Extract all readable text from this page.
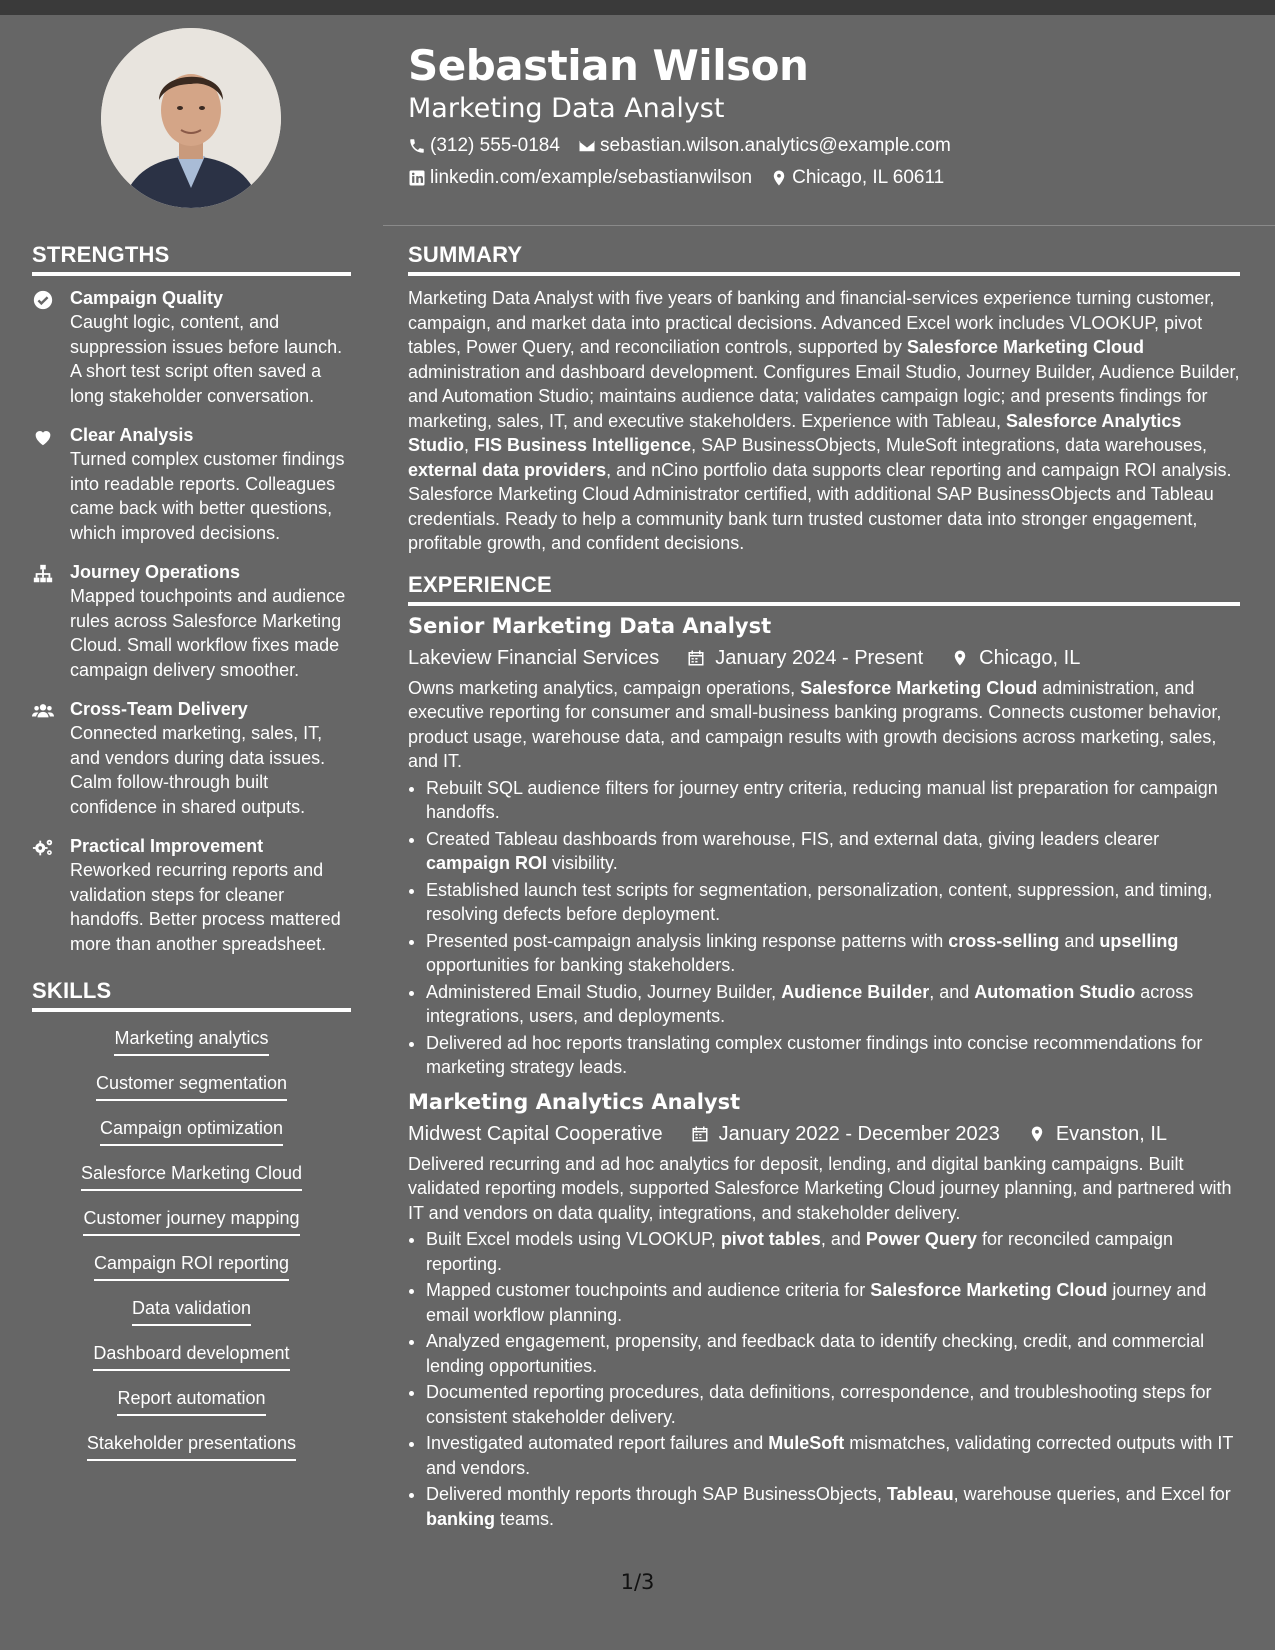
Sebastian Wilson
Marketing Data Analyst
(312) 555-0184 sebastian.wilson.analytics@example.com
linkedin.com/example/sebastianwilson Chicago, IL 60611
STRENGTHS
Campaign Quality
Caught logic, content, and suppression issues before launch. A short test script often saved a long stakeholder conversation.
Clear Analysis
Turned complex customer findings into readable reports. Colleagues came back with better questions, which improved decisions.
Journey Operations
Mapped touchpoints and audience rules across Salesforce Marketing Cloud. Small workflow fixes made campaign delivery smoother.
Cross-Team Delivery
Connected marketing, sales, IT, and vendors during data issues. Calm follow-through built confidence in shared outputs.
Practical Improvement
Reworked recurring reports and validation steps for cleaner handoffs. Better process mattered more than another spreadsheet.
SKILLS
Marketing analytics
Customer segmentation
Campaign optimization
Salesforce Marketing Cloud
Customer journey mapping
Campaign ROI reporting
Data validation
Dashboard development
Report automation
Stakeholder presentations
SUMMARY

Marketing Data Analyst with five years of banking and financial-services experience turning customer, campaign, and market data into practical decisions. Advanced Excel work includes VLOOKUP, pivot tables, Power Query, and reconciliation controls, supported by Salesforce Marketing Cloud administration and dashboard development. Configures Email Studio, Journey Builder, Audience Builder, and Automation Studio; maintains audience data; validates campaign logic; and presents findings for marketing, sales, IT, and executive stakeholders. Experience with Tableau, Salesforce Analytics Studio, FIS Business Intelligence, SAP BusinessObjects, MuleSoft integrations, data warehouses, external data providers, and nCino portfolio data supports clear reporting and campaign ROI analysis. Salesforce Marketing Cloud Administrator certified, with additional SAP BusinessObjects and Tableau credentials. Ready to help a community bank turn trusted customer data into stronger engagement, profitable growth, and confident decisions.

EXPERIENCE
Senior Marketing Data Analyst
Lakeview Financial Services	January 2024 - Present	Chicago, IL

Owns marketing analytics, campaign operations, Salesforce Marketing Cloud administration, and executive reporting for consumer and small-business banking programs. Connects customer behavior, product usage, warehouse data, and campaign results with growth decisions across marketing, sales, and IT.

• Rebuilt SQL audience filters for journey entry criteria, reducing manual list preparation for campaign handoffs.
• Created Tableau dashboards from warehouse, FIS, and external data, giving leaders clearer campaign ROI visibility.
• Established launch test scripts for segmentation, personalization, content, suppression, and timing, resolving defects before deployment.
• Presented post-campaign analysis linking response patterns with cross-selling and upselling opportunities for banking stakeholders.
• Administered Email Studio, Journey Builder, Audience Builder, and Automation Studio across integrations, users, and deployments.
• Delivered ad hoc reports translating complex customer findings into concise recommendations for marketing strategy leads.
Marketing Analytics Analyst
Midwest Capital Cooperative	January 2022 - December 2023	Evanston, IL

Delivered recurring and ad hoc analytics for deposit, lending, and digital banking campaigns. Built validated reporting models, supported Salesforce Marketing Cloud journey planning, and partnered with IT and vendors on data quality, integrations, and stakeholder delivery.

• Built Excel models using VLOOKUP, pivot tables, and Power Query for reconciled campaign reporting.
• Mapped customer touchpoints and audience criteria for Salesforce Marketing Cloud journey and email workflow planning.
• Analyzed engagement, propensity, and feedback data to identify checking, credit, and commercial lending opportunities.
• Documented reporting procedures, data definitions, correspondence, and troubleshooting steps for consistent stakeholder delivery.
• Investigated automated report failures and MuleSoft mismatches, validating corrected outputs with IT and vendors.
• Delivered monthly reports through SAP BusinessObjects, Tableau, warehouse queries, and Excel for banking teams.
1/3
